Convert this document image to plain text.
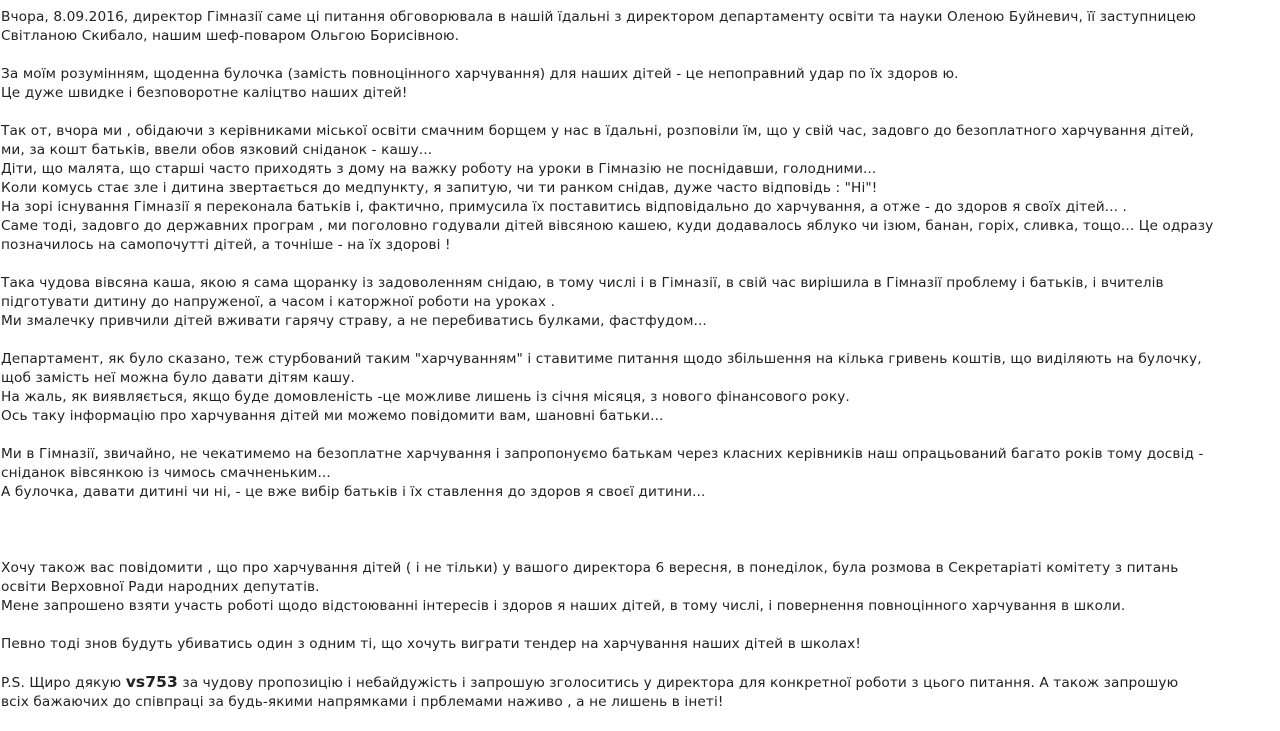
Вчора, 8.09.2016, директор Гімназії саме ці питання обговорювала в нашій їдальні з директором департаменту освіти та науки Оленою Буйневич, її заступницею
Світланою Скибало, нашим шеф-поваром Ольгою Борисівною.

За моїм розумінням, щоденна булочка (замість повноцінного харчування) для наших дітей - це непоправний удар по їх здоров ю.
Це дуже швидке і безповоротне каліцтво наших дітей!

Так от, вчора ми , обідаючи з керівниками міської освіти смачним борщем у нас в їдальні, розповіли їм, що у свій час, задовго до безоплатного харчування дітей,
ми, за кошт батьків, ввели обов язковий сніданок - кашу...
Діти, що малята, що старші часто приходять з дому на важку роботу на уроки в Гімназію не поснідавши, голодними...
Коли комусь стає зле і дитина звертається до медпункту, я запитую, чи ти ранком снідав, дуже часто відповідь : "Ні"!
На зорі існування Гімназії я переконала батьків і, фактично, примусила їх поставитись відповідально до харчування, а отже - до здоров я своїх дітей... .
Саме тоді, задовго до державних програм , ми поголовно годували дітей вівсяною кашею, куди додавалось яблуко чи ізюм, банан, горіх, сливка, тощо... Це одразу
позначилось на самопочутті дітей, а точніше - на їх здорові !

Така чудова вівсяна каша, якою я сама щоранку із задоволенням снідаю, в тому числі і в Гімназії, в свій час вирішила в Гімназії проблему і батьків, і вчителів
підготувати дитину до напруженої, а часом і каторжної роботи на уроках .
Ми змалечку привчили дітей вживати гарячу страву, а не перебиватись булками, фастфудом...

Департамент, як було сказано, теж стурбований таким "харчуванням" і ставитиме питання щодо збільшення на кілька гривень коштів, що виділяють на булочку,
щоб замість неї можна було давати дітям кашу.
На жаль, як виявляється, якщо буде домовленість -це можливе лишень із січня місяця, з нового фінансового року.
Ось таку інформацію про харчування дітей ми можемо повідомити вам, шановні батьки...

Ми в Гімназії, звичайно, не чекатимемо на безоплатне харчування і запропонуємо батькам через класних керівників наш опрацьований багато років тому досвід -
сніданок вівсянкою із чимось смачненьким...
А булочка, давати дитині чи ні, - це вже вибір батьків і їх ставлення до здоров я своєї дитини...

Хочу також вас повідомити , що про харчування дітей ( і не тільки) у вашого директора 6 вересня, в понеділок, була розмова в Секретаріаті комітету з питань
освіти Верховної Ради народних депутатів.
Мене запрошено взяти участь роботі щодо відстоюванні інтересів і здоров я наших дітей, в тому числі, і повернення повноцінного харчування в школи.

Певно тоді знов будуть убиватись один з одним ті, що хочуть виграти тендер на харчування наших дітей в школах!

P.S. Щиро дякую vs753 за чудову пропозицію і небайдужість і запрошую зголоситись у директора для конкретної роботи з цього питання. А також запрошую
всіх бажаючих до співпраці за будь-якими напрямками і прблемами наживо , а не лишень в інеті!
